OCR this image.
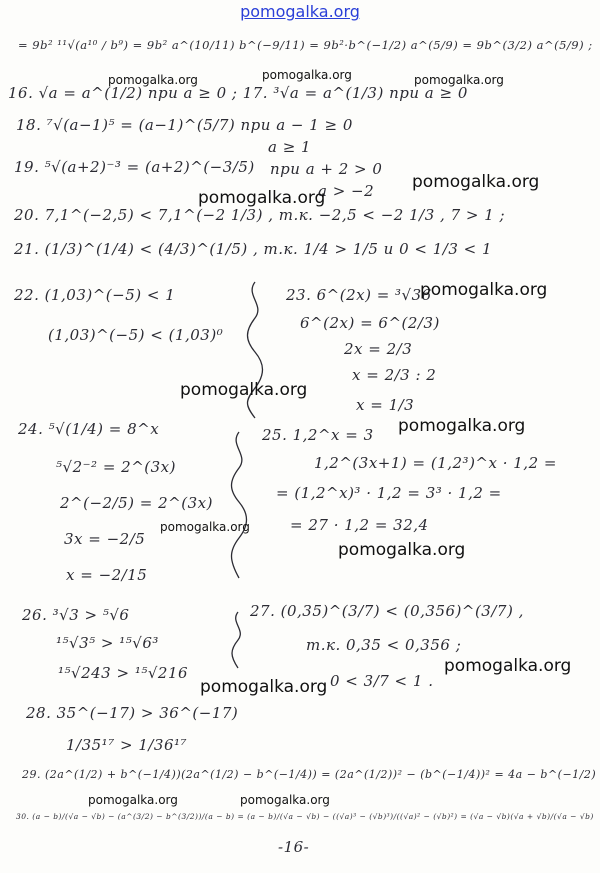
pomogalka.org
= 9b² ¹¹√(a¹⁰ / b⁹) = 9b² a^(10/11) b^(−9/11) = 9b²·b^(−1/2) a^(5/9) = 9b^(3/2) a^(5/9) ;
16. √a = a^(1/2) при a ≥ 0 ; 17. ³√a = a^(1/3) при a ≥ 0
18. ⁷√(a−1)⁵ = (a−1)^(5/7) при a − 1 ≥ 0
a ≥ 1
19. ⁵√(a+2)⁻³ = (a+2)^(−3/5) при a + 2 > 0
a > −2
20. 7,1^(−2,5) < 7,1^(−2 1/3) , т.к. −2,5 < −2 1/3 , 7 > 1 ;
21. (1/3)^(1/4) < (4/3)^(1/5) , т.к. 1/4 > 1/5 и 0 < 1/3 < 1
22. (1,03)^(−5) < 1
(1,03)^(−5) < (1,03)⁰
23. 6^(2x) = ³√36
6^(2x) = 6^(2/3)
2x = 2/3
x = 2/3 : 2
x = 1/3
24. ⁵√(1/4) = 8^x
⁵√2⁻² = 2^(3x)
2^(−2/5) = 2^(3x)
3x = −2/5
x = −2/15
25. 1,2^x = 3
1,2^(3x+1) = (1,2³)^x · 1,2 =
= (1,2^x)³ · 1,2 = 3³ · 1,2 =
= 27 · 1,2 = 32,4
26. ³√3 > ⁵√6
¹⁵√3⁵ > ¹⁵√6³
¹⁵√243 > ¹⁵√216
27. (0,35)^(3/7) < (0,356)^(3/7) ,
т.к. 0,35 < 0,356 ;
0 < 3/7 < 1 .
28. 35^(−17) > 36^(−17)
1/35¹⁷ > 1/36¹⁷
29. (2a^(1/2) + b^(−1/4))(2a^(1/2) − b^(−1/4)) = (2a^(1/2))² − (b^(−1/4))² = 4a − b^(−1/2)
30. (a − b)/(√a − √b) − (a^(3/2) − b^(3/2))/(a − b) = (a − b)/(√a − √b) − ((√a)³ − (√b)³)/((√a)² − (√b)²) = (√a − √b)(√a + √b)/(√a − √b)
-16-
pomogalka.org	pomogalka.org	pomogalka.org
pomogalka.org
pomogalka.org
pomogalka.org
pomogalka.org
pomogalka.org
pomogalka.org
pomogalka.org
pomogalka.org
pomogalka.org
pomogalka.org	pomogalka.org
